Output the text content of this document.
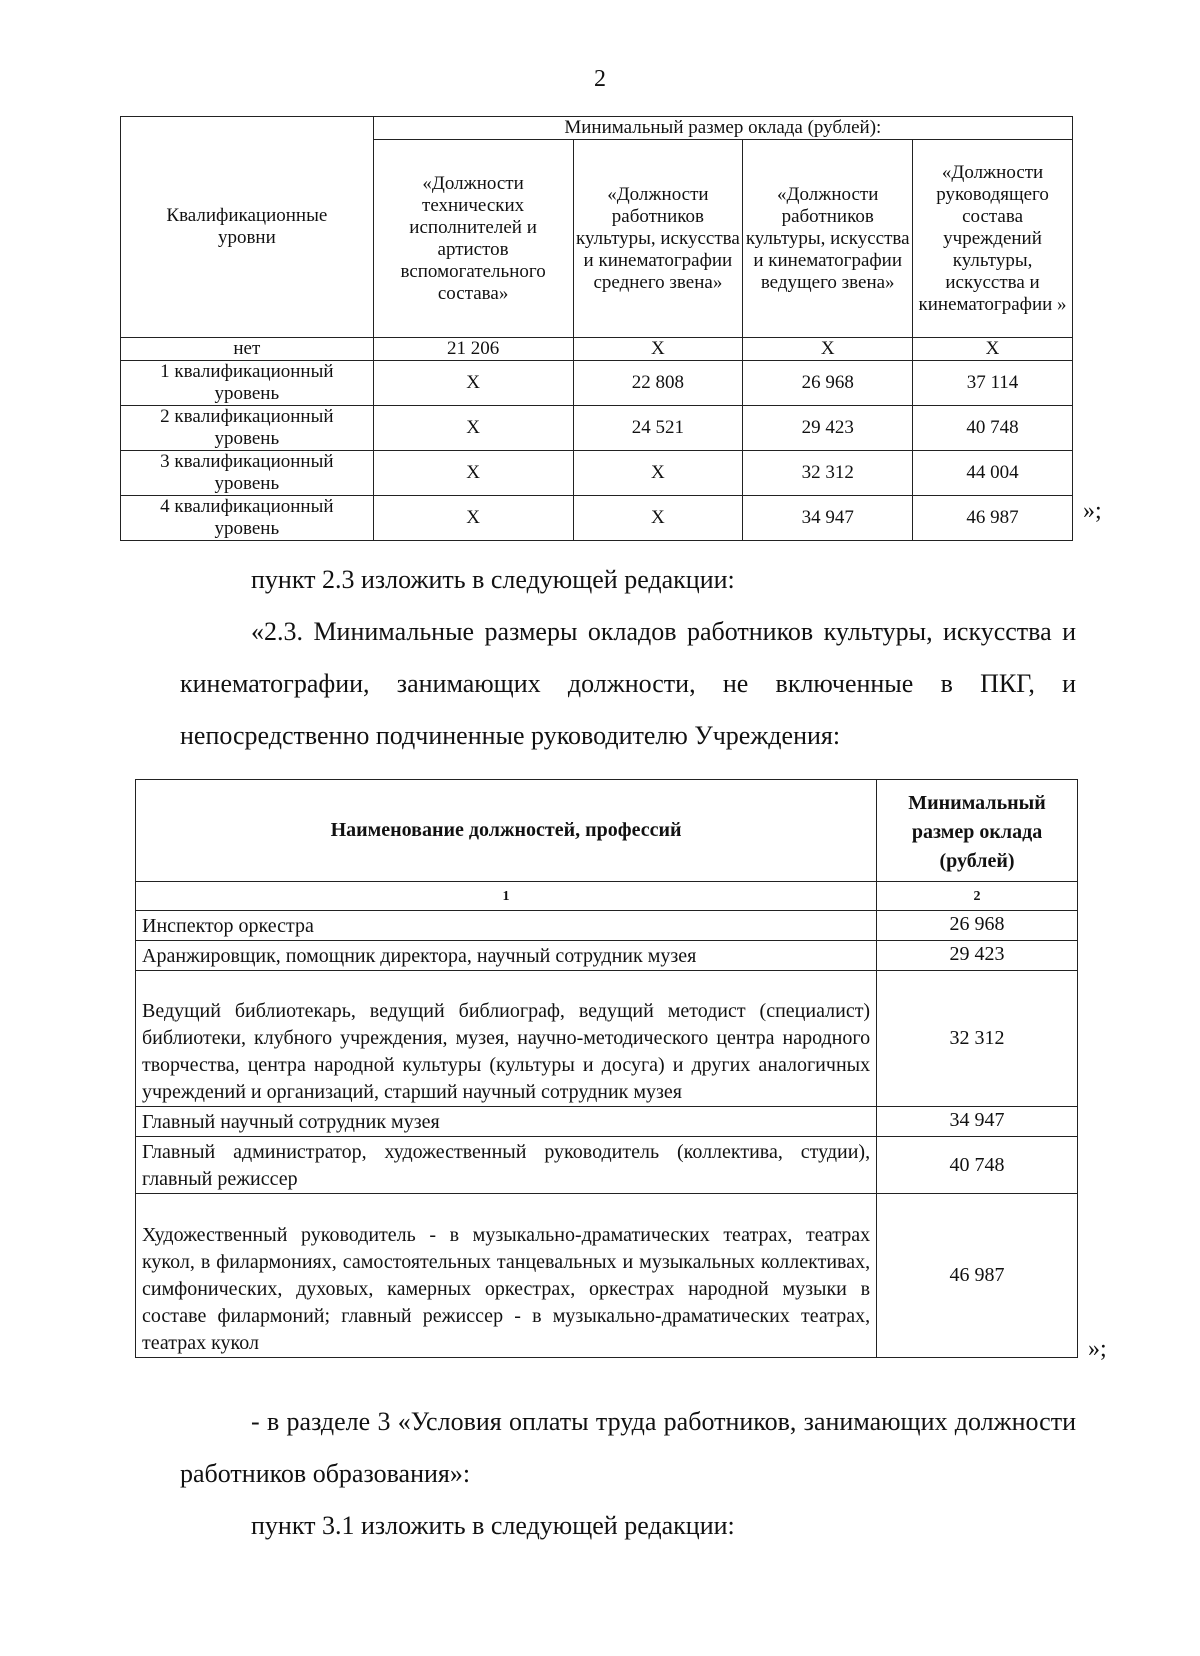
2
Квалификационные уровни	Минимальный размер оклада (рублей):			
	«Должности технических исполнителей и артистов вспомогательного состава»	«Должности работников культуры, искусства и кинематографии среднего звена»	«Должности работников культуры, искусства и кинематографии ведущего звена»	«Должности руководящего состава учреждений культуры, искусства и кинематографии »
нет	21 206	Х	Х	Х
1 квалификационный уровень	Х	22 808	26 968	37 114
2 квалификационный уровень	Х	24 521	29 423	40 748
3 квалификационный уровень	Х	Х	32 312	44 004
4 квалификационный уровень	Х	Х	34 947	46 987	»;
пункт 2.3 изложить в следующей редакции:
«2.3. Минимальные размеры окладов работников культуры, искусства и кинематографии, занимающих должности, не включенные в ПКГ, и непосредственно подчиненные руководителю Учреждения:
Наименование должностей, профессий	Минимальный размер оклада (рублей)
1	2
Инспектор оркестра	26 968
Аранжировщик, помощник директора, научный сотрудник музея	29 423
Ведущий библиотекарь, ведущий библиограф, ведущий методист (специалист) библиотеки, клубного учреждения, музея, научно-методического центра народного творчества, центра народной культуры (культуры и досуга) и других аналогичных учреждений и организаций, старший научный сотрудник музея	32 312
Главный научный сотрудник музея	34 947
Главный администратор, художественный руководитель (коллектива, студии), главный режиссер	40 748
Художественный руководитель - в музыкально-драматических театрах, театрах кукол, в филармониях, самостоятельных танцевальных и музыкальных коллективах, симфонических, духовых, камерных оркестрах, оркестрах народной музыки в составе филармоний; главный режиссер - в музыкально-драматических театрах, театрах кукол	46 987
»;
- в разделе 3 «Условия оплаты труда работников, занимающих должности работников образования»:
пункт 3.1 изложить в следующей редакции:
